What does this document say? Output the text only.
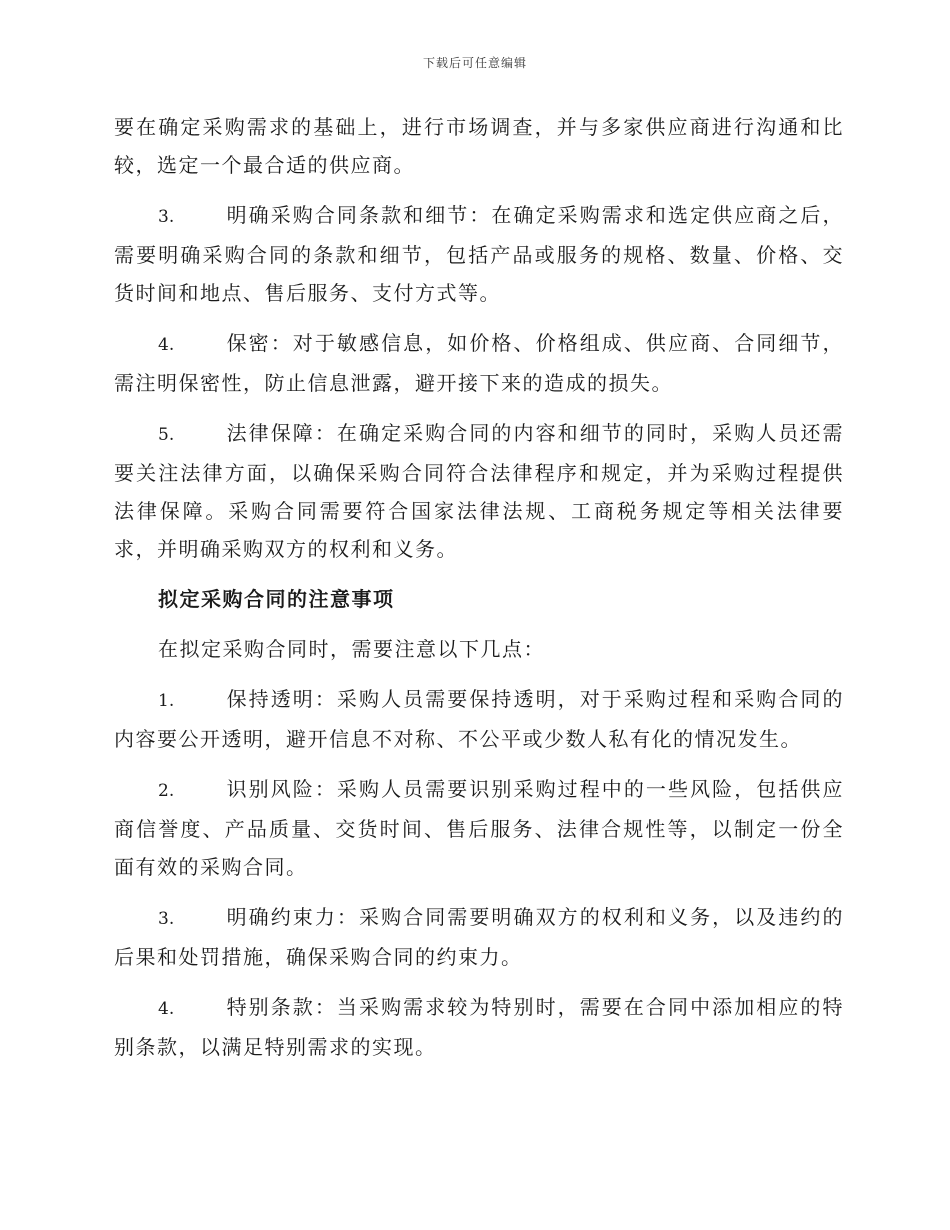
下载后可任意编辑

要在确定采购需求的基础上，进行市场调查，并与多家供应商进行沟通和比较，选定一个最合适的供应商。

3.	明确采购合同条款和细节：在确定采购需求和选定供应商之后，需要明确采购合同的条款和细节，包括产品或服务的规格、数量、价格、交货时间和地点、售后服务、支付方式等。

4.	保密：对于敏感信息，如价格、价格组成、供应商、合同细节，需注明保密性，防止信息泄露，避开接下来的造成的损失。

5.	法律保障：在确定采购合同的内容和细节的同时，采购人员还需要关注法律方面，以确保采购合同符合法律程序和规定，并为采购过程提供法律保障。采购合同需要符合国家法律法规、工商税务规定等相关法律要求，并明确采购双方的权利和义务。

拟定采购合同的注意事项

在拟定采购合同时，需要注意以下几点：

1.	保持透明：采购人员需要保持透明，对于采购过程和采购合同的内容要公开透明，避开信息不对称、不公平或少数人私有化的情况发生。

2.	识别风险：采购人员需要识别采购过程中的一些风险，包括供应商信誉度、产品质量、交货时间、售后服务、法律合规性等，以制定一份全面有效的采购合同。

3.	明确约束力：采购合同需要明确双方的权利和义务，以及违约的后果和处罚措施，确保采购合同的约束力。

4.	特别条款：当采购需求较为特别时，需要在合同中添加相应的特别条款，以满足特别需求的实现。
